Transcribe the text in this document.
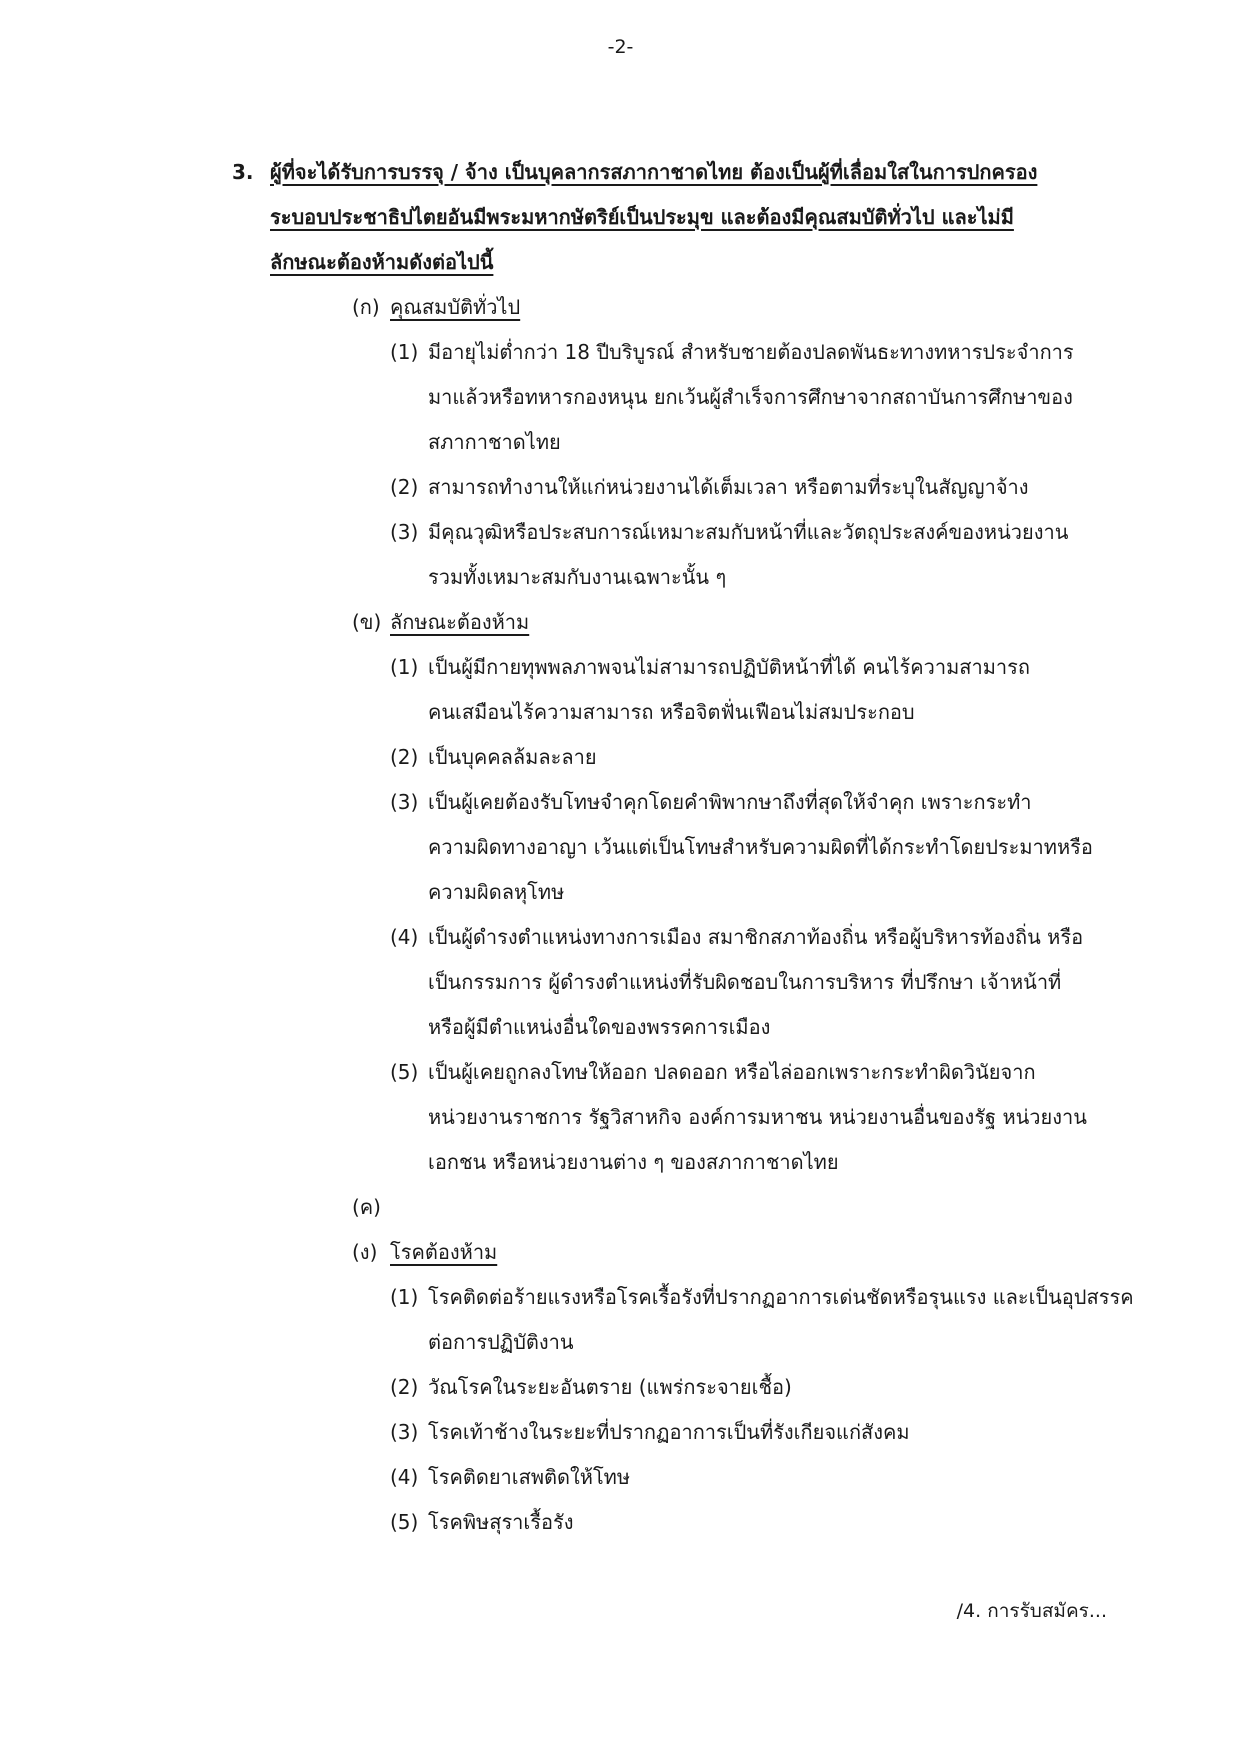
-2-
3. ผู้ที่จะได้รับการบรรจุ / จ้าง เป็นบุคลากรสภากาชาดไทย ต้องเป็นผู้ที่เลื่อมใสในการปกครอง
ระบอบประชาธิปไตยอันมีพระมหากษัตริย์เป็นประมุข และต้องมีคุณสมบัติทั่วไป และไม่มี
ลักษณะต้องห้ามดังต่อไปนี้
(ก) คุณสมบัติทั่วไป
(1) มีอายุไม่ต่ำกว่า 18 ปีบริบูรณ์ สำหรับชายต้องปลดพันธะทางทหารประจำการ
มาแล้วหรือทหารกองหนุน ยกเว้นผู้สำเร็จการศึกษาจากสถาบันการศึกษาของ
สภากาชาดไทย
(2) สามารถทำงานให้แก่หน่วยงานได้เต็มเวลา หรือตามที่ระบุในสัญญาจ้าง
(3) มีคุณวุฒิหรือประสบการณ์เหมาะสมกับหน้าที่และวัตถุประสงค์ของหน่วยงาน
รวมทั้งเหมาะสมกับงานเฉพาะนั้น ๆ
(ข) ลักษณะต้องห้าม
(1) เป็นผู้มีกายทุพพลภาพจนไม่สามารถปฏิบัติหน้าที่ได้ คนไร้ความสามารถ
คนเสมือนไร้ความสามารถ หรือจิตฟั่นเฟือนไม่สมประกอบ
(2) เป็นบุคคลล้มละลาย
(3) เป็นผู้เคยต้องรับโทษจำคุกโดยคำพิพากษาถึงที่สุดให้จำคุก เพราะกระทำ
ความผิดทางอาญา เว้นแต่เป็นโทษสำหรับความผิดที่ได้กระทำโดยประมาทหรือ
ความผิดลหุโทษ
(4) เป็นผู้ดำรงตำแหน่งทางการเมือง สมาชิกสภาท้องถิ่น หรือผู้บริหารท้องถิ่น หรือ
เป็นกรรมการ ผู้ดำรงตำแหน่งที่รับผิดชอบในการบริหาร ที่ปรึกษา เจ้าหน้าที่
หรือผู้มีตำแหน่งอื่นใดของพรรคการเมือง
(5) เป็นผู้เคยถูกลงโทษให้ออก ปลดออก หรือไล่ออกเพราะกระทำผิดวินัยจาก
หน่วยงานราชการ รัฐวิสาหกิจ องค์การมหาชน หน่วยงานอื่นของรัฐ หน่วยงาน
เอกชน หรือหน่วยงานต่าง ๆ ของสภากาชาดไทย
(ค)
(ง) โรคต้องห้าม
(1) โรคติดต่อร้ายแรงหรือโรคเรื้อรังที่ปรากฏอาการเด่นชัดหรือรุนแรง และเป็นอุปสรรค
ต่อการปฏิบัติงาน
(2) วัณโรคในระยะอันตราย (แพร่กระจายเชื้อ)
(3) โรคเท้าช้างในระยะที่ปรากฏอาการเป็นที่รังเกียจแก่สังคม
(4) โรคติดยาเสพติดให้โทษ
(5) โรคพิษสุราเรื้อรัง
/4. การรับสมัคร...
